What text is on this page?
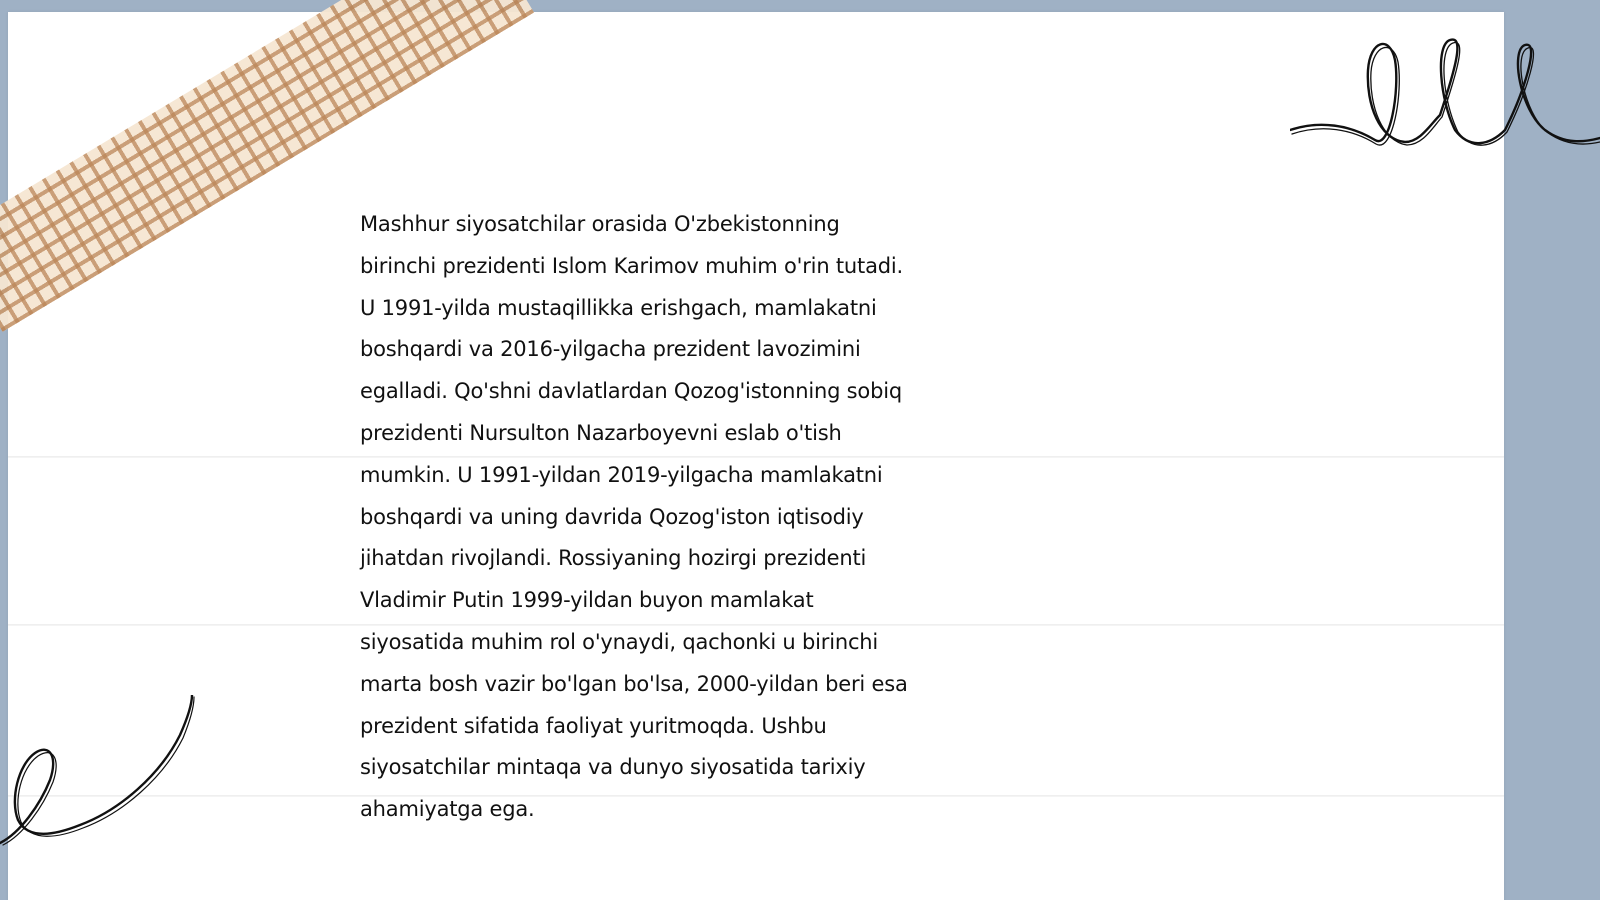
Mashhur siyosatchilar orasida O'zbekistonning
birinchi prezidenti Islom Karimov muhim o'rin tutadi.
U 1991-yilda mustaqillikka erishgach, mamlakatni
boshqardi va 2016-yilgacha prezident lavozimini
egalladi. Qo'shni davlatlardan Qozog'istonning sobiq
prezidenti Nursulton Nazarboyevni eslab o'tish
mumkin. U 1991-yildan 2019-yilgacha mamlakatni
boshqardi va uning davrida Qozog'iston iqtisodiy
jihatdan rivojlandi. Rossiyaning hozirgi prezidenti
Vladimir Putin 1999-yildan buyon mamlakat
siyosatida muhim rol o'ynaydi, qachonki u birinchi
marta bosh vazir bo'lgan bo'lsa, 2000-yildan beri esa
prezident sifatida faoliyat yuritmoqda. Ushbu
siyosatchilar mintaqa va dunyo siyosatida tarixiy
ahamiyatga ega.
